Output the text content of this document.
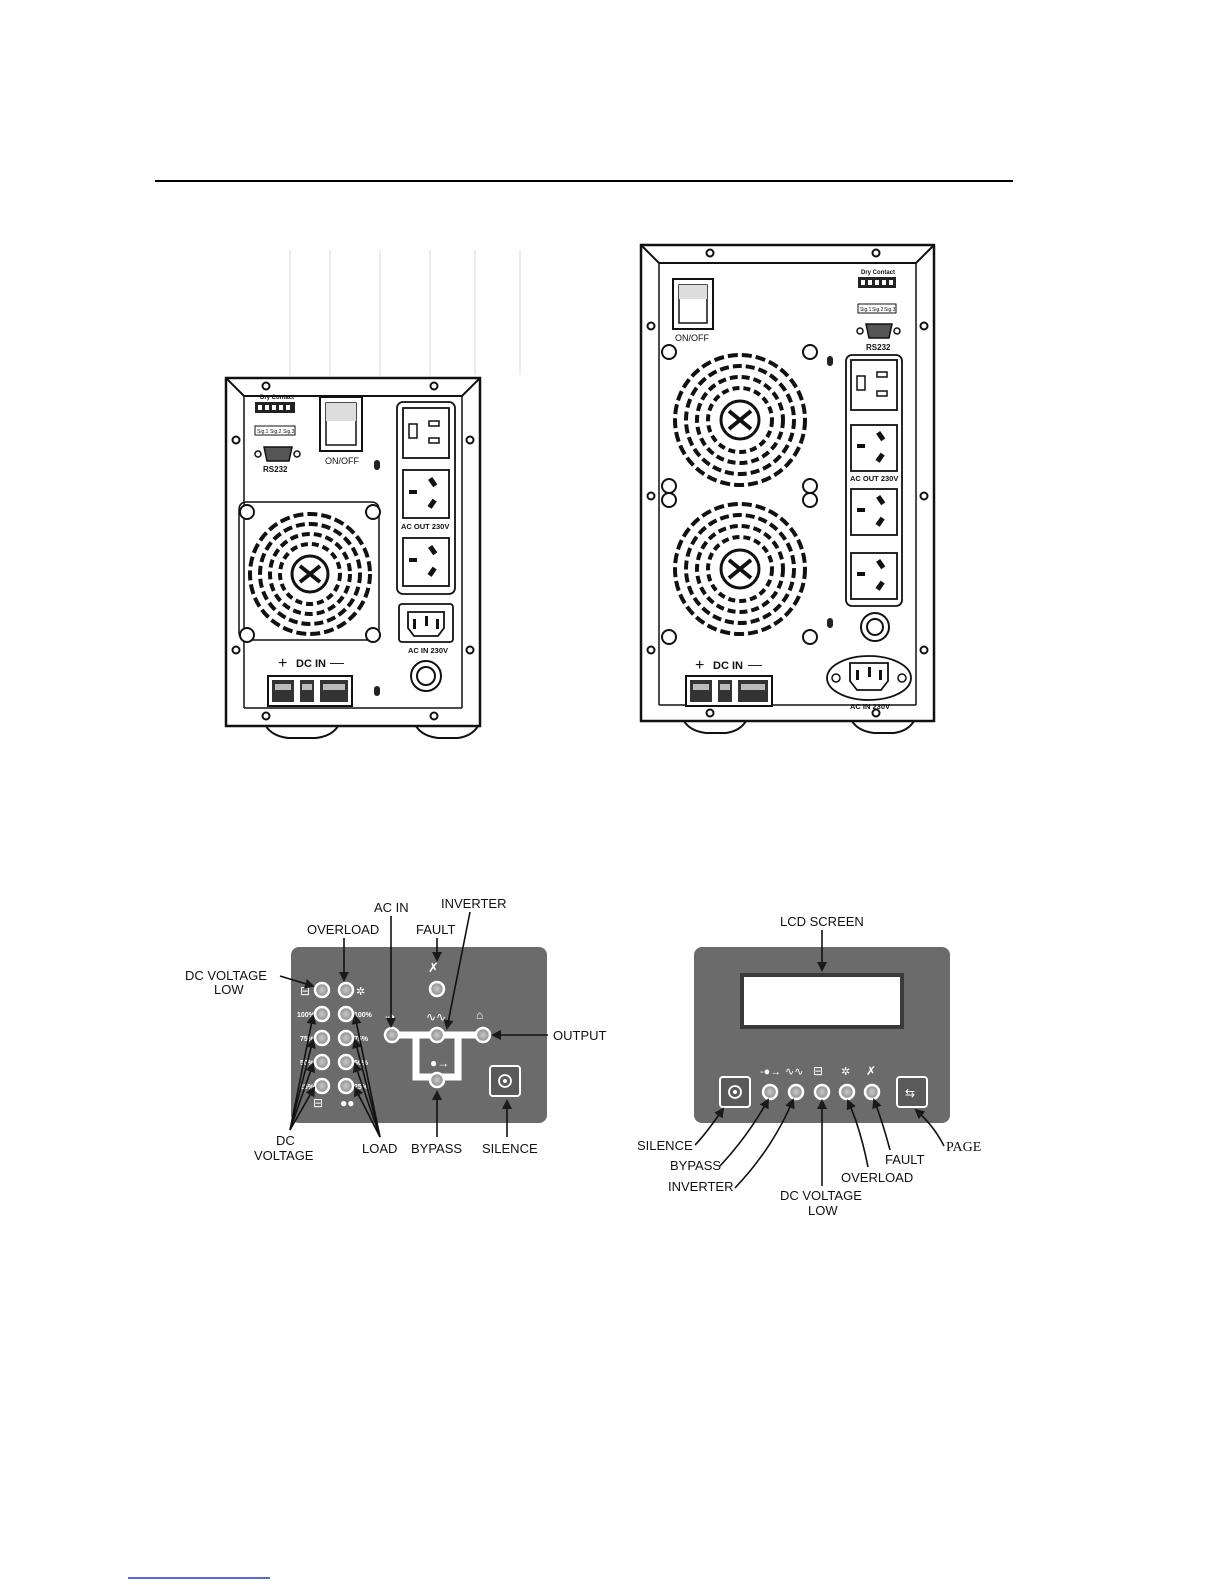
Dry Contact
Sig.1 Sig.2 Sig.3
RS232
ON/OFF
AC OUT 230V
AC IN 230V
+ DC IN —
ON/OFF
Dry Contact
Sig.1 Sig.2 Sig.3
RS232
AC OUT 230V
AC IN 230V
+ DC IN —
⊟	✲
✗
⇢	∿∿ ⌂
●→
100%
75%
50%
25%
100%
75%
50%
25%
⊟ ●●
AC IN INVERTER
OVERLOAD	FAULT
DC VOLTAGE
LOW
OUTPUT
DC
VOLTAGE	LOAD BYPASS SILENCE
-●→ ∿∿ ⊟ ✲ ✗
⇆
LCD SCREEN
SILENCE
BYPASS
INVERTER
DC VOLTAGE
LOW
OVERLOAD
FAULT
PAGE
